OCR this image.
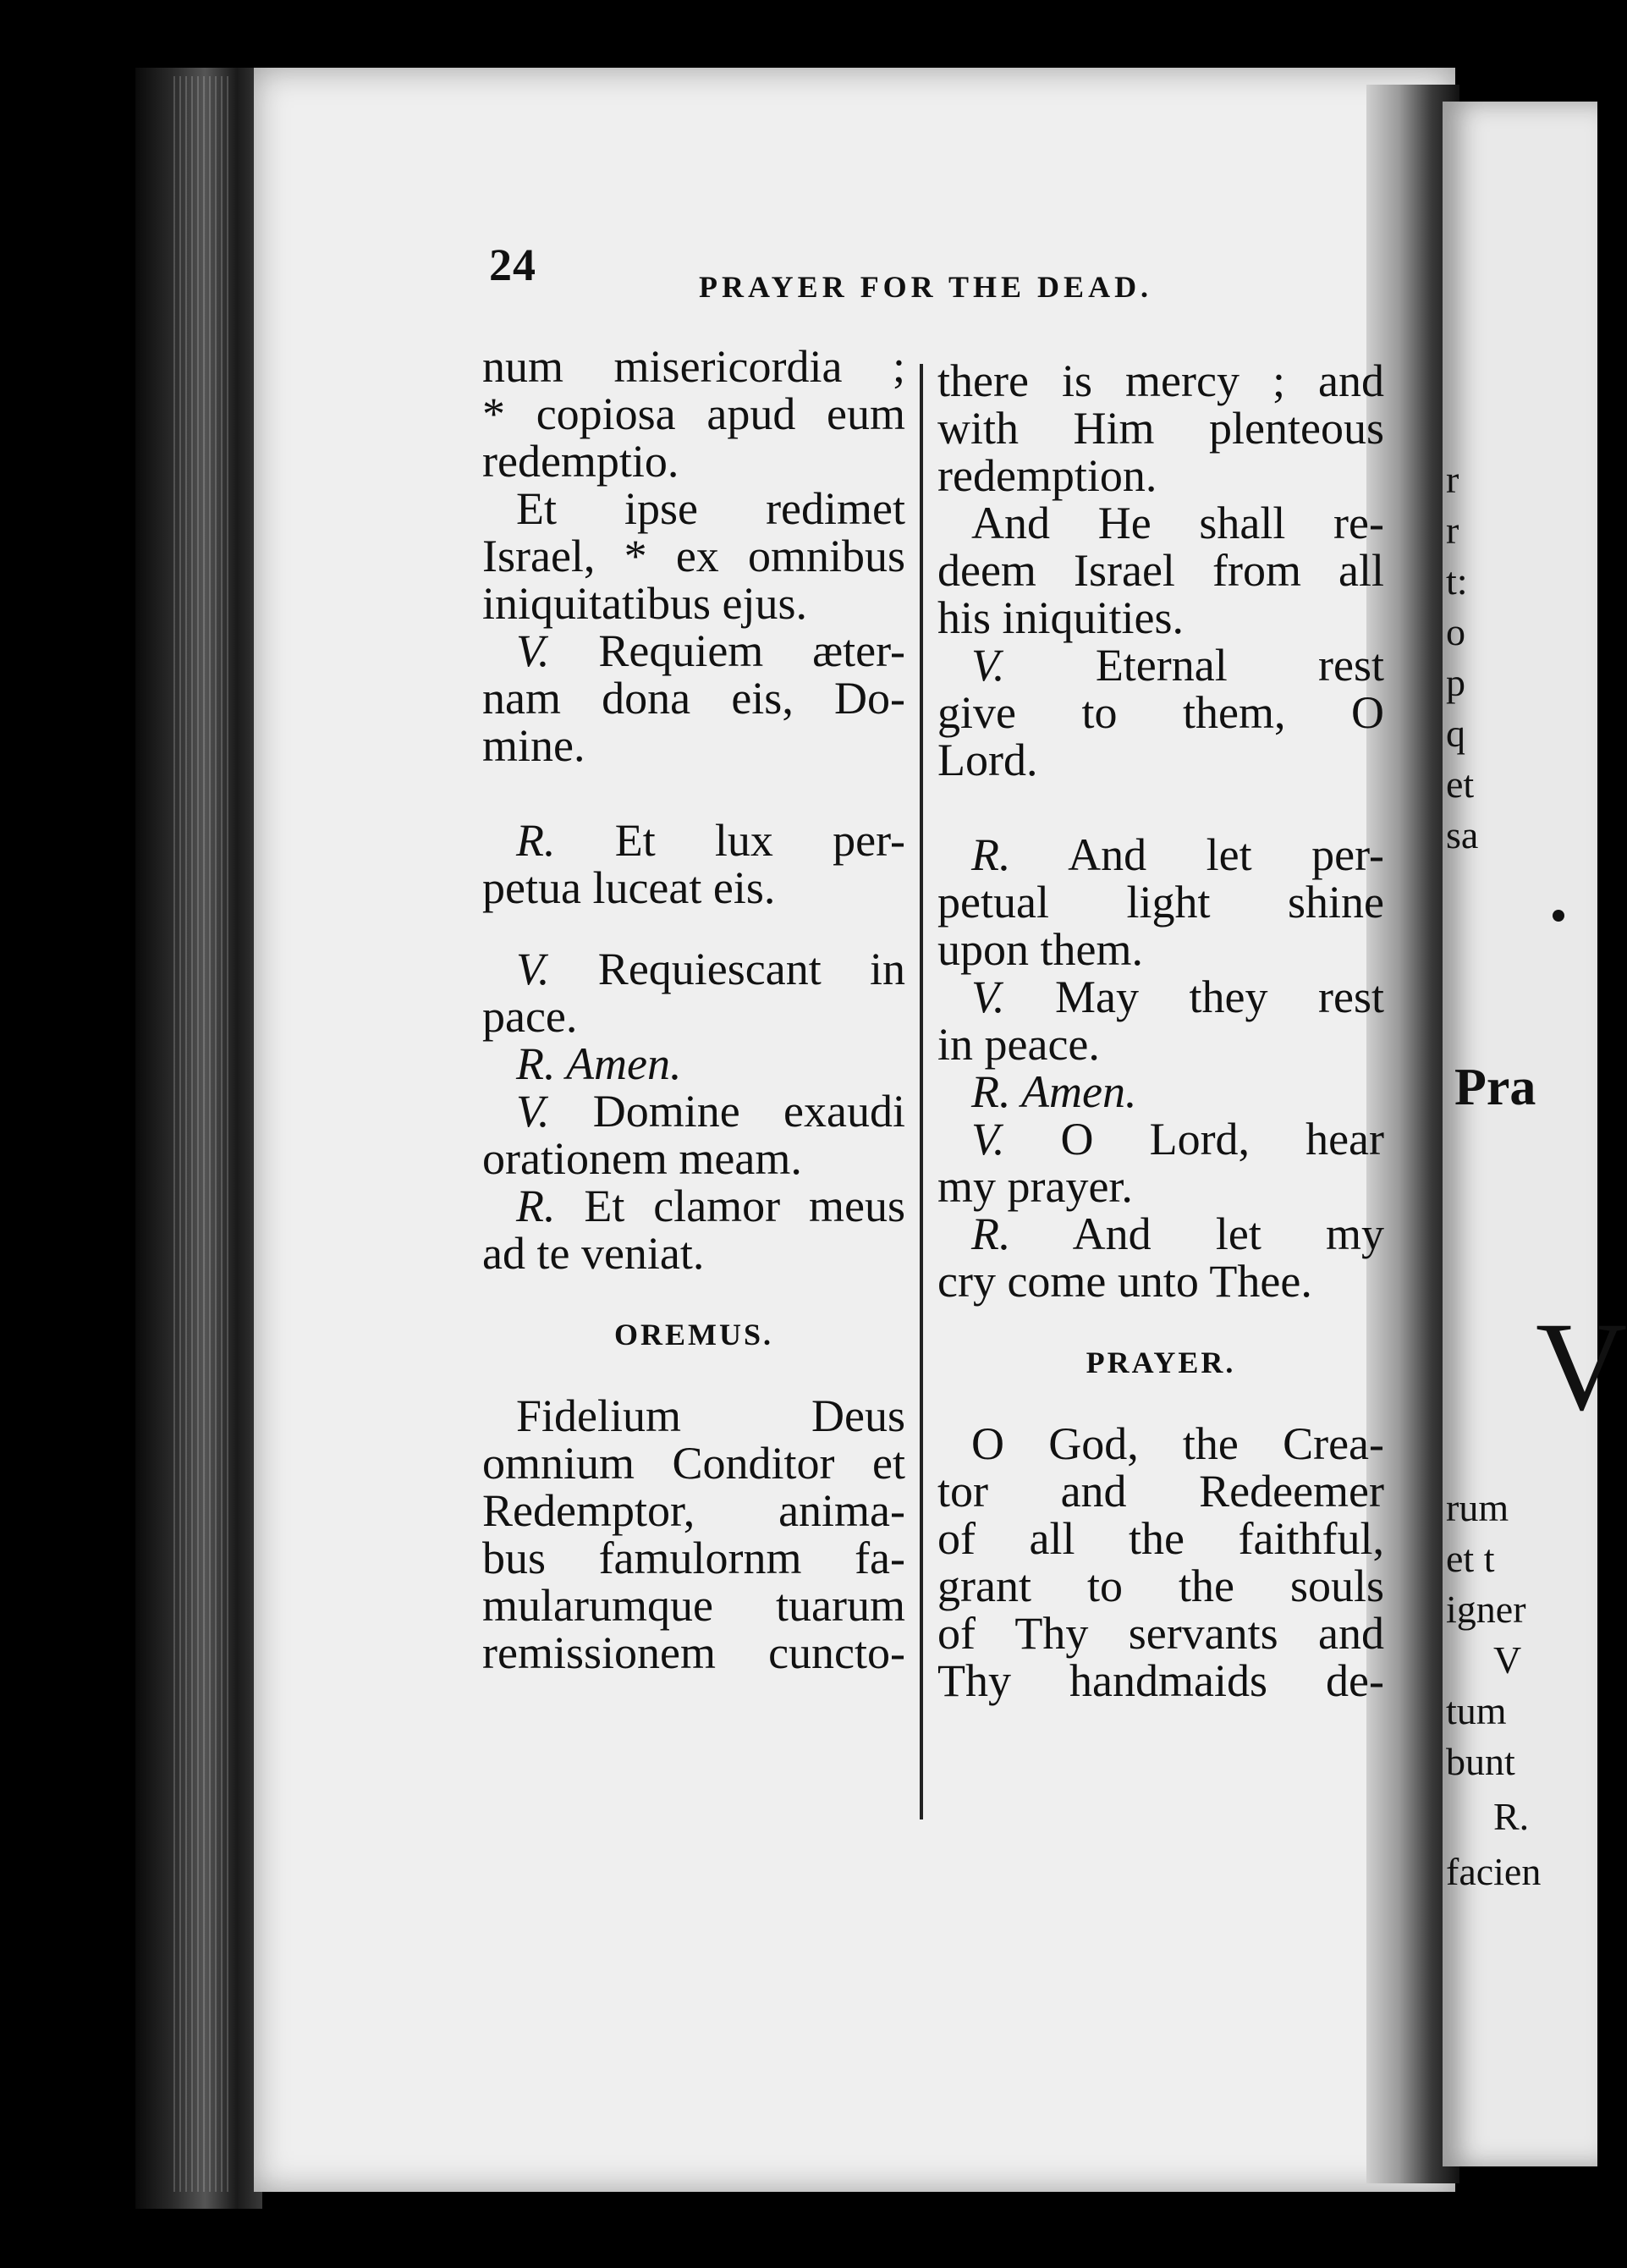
r
r
t:
o
p
q
et
sa
Pra
V
rum
et t
igner
V
tum
bunt
R.
facien
24	PRAYER FOR THE DEAD.
num misericordia ;
* copiosa apud eum
redemptio.
Et ipse redimet
Israel, * ex omnibus
iniquitatibus ejus.
V. Requiem æter-
nam dona eis, Do-
mine.
R. Et lux per-
petua luceat eis.
V. Requiescant in
pace.
R. Amen.
V. Domine exaudi
orationem meam.
R. Et clamor meus
ad te veniat.
OREMUS.
Fidelium Deus
omnium Conditor et
Redemptor, anima-
bus famulornm fa-
mularumque tuarum
remissionem cuncto-
there is mercy ; and
with Him plenteous
redemption.
And He shall re-
deem Israel from all
his iniquities.
V. Eternal rest
give to them, O
Lord.
R. And let per-
petual light shine
upon them.
V. May they rest
in peace.
R. Amen.
V. O Lord, hear
my prayer.
R. And let my
cry come unto Thee.
PRAYER.
O God, the Crea-
tor and Redeemer
of all the faithful,
grant to the souls
of Thy servants and
Thy handmaids de-
